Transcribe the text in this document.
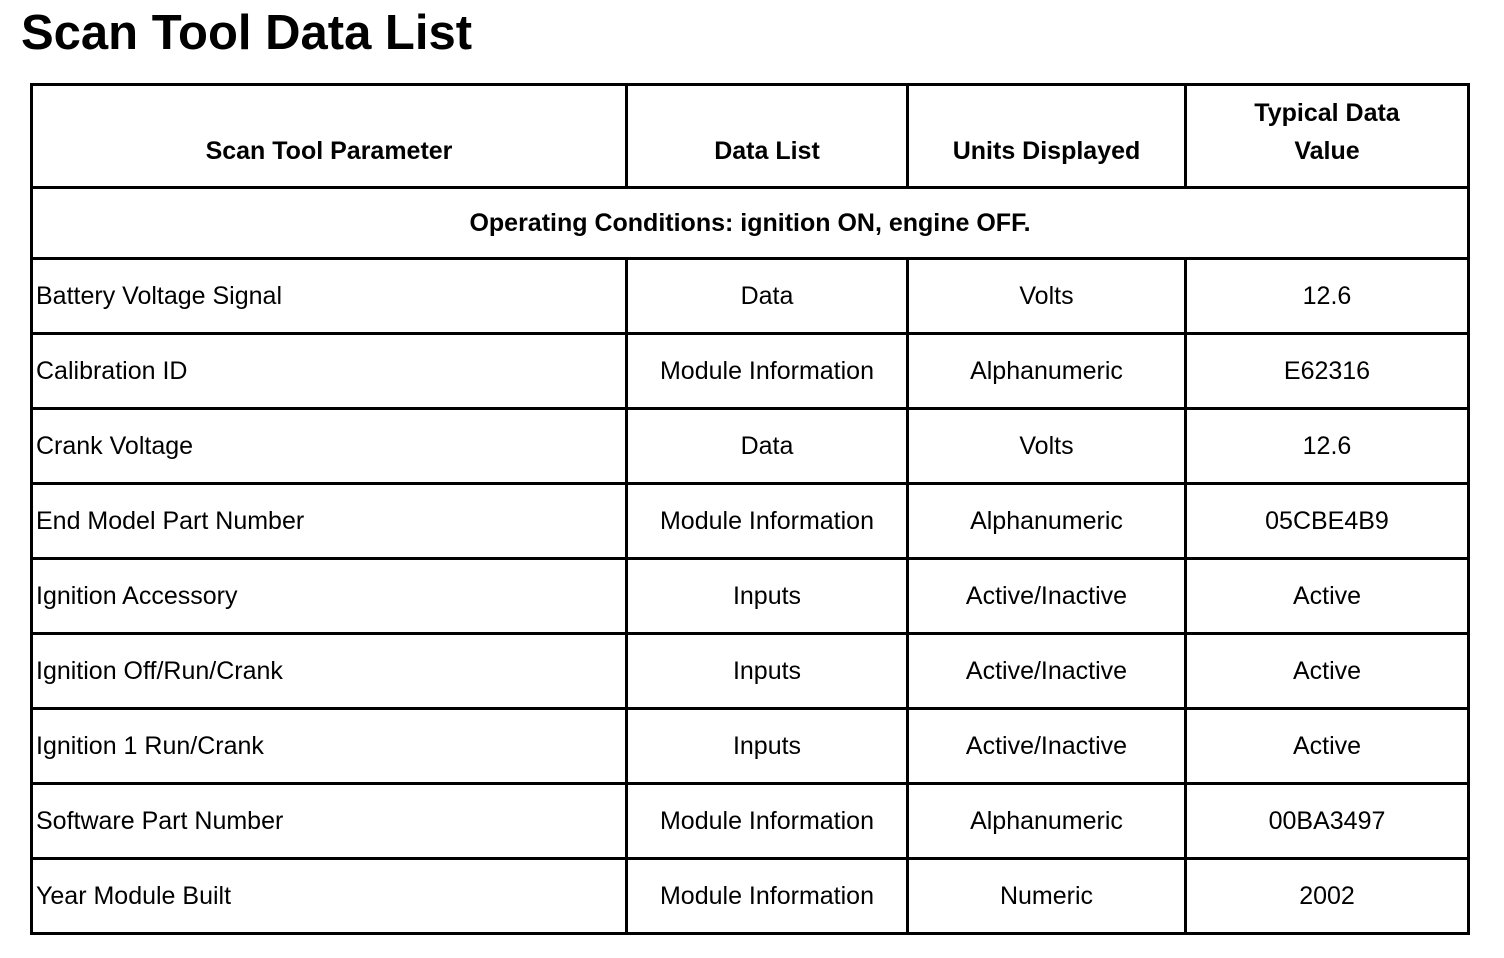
Scan Tool Data List
Scan Tool Parameter	Data List	Units Displayed	Typical Data
Value
Operating Conditions: ignition ON, engine OFF.			
Battery Voltage Signal	Data	Volts	12.6
Calibration ID	Module Information	Alphanumeric	E62316
Crank Voltage	Data	Volts	12.6
End Model Part Number	Module Information	Alphanumeric	05CBE4B9
Ignition Accessory	Inputs	Active/Inactive	Active
Ignition Off/Run/Crank	Inputs	Active/Inactive	Active
Ignition 1 Run/Crank	Inputs	Active/Inactive	Active
Software Part Number	Module Information	Alphanumeric	00BA3497
Year Module Built	Module Information	Numeric	2002
